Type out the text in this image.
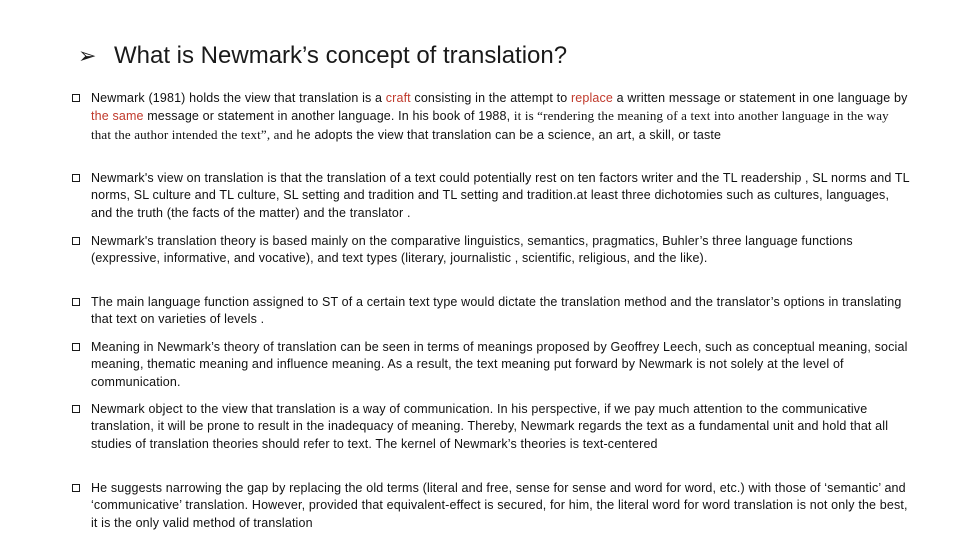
➢ What is Newmark’s concept of translation?
Newmark (1981) holds the view that translation is a craft consisting in the attempt to replace a written message or statement in one language by the same message or statement in another language. In his book of 1988, it is “rendering the meaning of a text into another language in the way that the author intended the text”, and he adopts the view that translation can be a science, an art, a skill, or taste
Newmark's view on translation is that the translation of a text could potentially rest on ten factors writer and the TL readership , SL norms and TL norms, SL culture and TL culture, SL setting and tradition and TL setting and tradition.at least three dichotomies such as cultures, languages, and the truth (the facts of the matter) and the translator .
Newmark's translation theory is based mainly on the comparative linguistics, semantics, pragmatics, Buhler’s three language functions (expressive, informative, and vocative), and text types (literary, journalistic , scientific, religious, and the like).
The main language function assigned to ST of a certain text type would dictate the translation method and the translator’s options in translating that text on varieties of levels .
Meaning in Newmark’s theory of translation can be seen in terms of meanings proposed by Geoffrey Leech, such as conceptual meaning, social meaning, thematic meaning and influence meaning. As a result, the text meaning put forward by Newmark is not solely at the level of communication.
Newmark object to the view that translation is a way of communication. In his perspective, if we pay much attention to the communicative translation, it will be prone to result in the inadequacy of meaning. Thereby, Newmark regards the text as a fundamental unit and hold that all studies of translation theories should refer to text. The kernel of Newmark’s theories is text-centered
He suggests narrowing the gap by replacing the old terms (literal and free, sense for sense and word for word, etc.) with those of ‘semantic’ and ‘communicative’ translation. However, provided that equivalent-effect is secured, for him, the literal word for word translation is not only the best, it is the only valid method of translation
